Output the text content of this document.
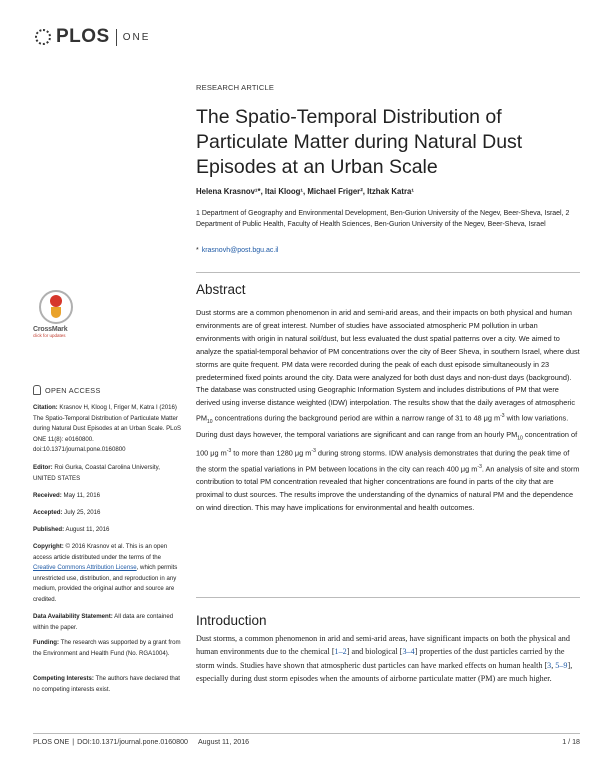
PLOS ONE
RESEARCH ARTICLE
The Spatio-Temporal Distribution of Particulate Matter during Natural Dust Episodes at an Urban Scale
Helena Krasnov¹*, Itai Kloog¹, Michael Friger², Itzhak Katra¹
1 Department of Geography and Environmental Development, Ben-Gurion University of the Negev, Beer-Sheva, Israel, 2 Department of Public Health, Faculty of Health Sciences, Ben-Gurion University of the Negev, Beer-Sheva, Israel
* krasnovh@post.bgu.ac.il
Abstract
Dust storms are a common phenomenon in arid and semi-arid areas, and their impacts on both physical and human environments are of great interest. Number of studies have associated atmospheric PM pollution in urban environments with origin in natural soil/dust, but less evaluated the dust spatial patterns over a city. We aimed to analyze the spatial-temporal behavior of PM concentrations over the city of Beer Sheva, in southern Israel, where dust storms are quite frequent. PM data were recorded during the peak of each dust episode simultaneously in 23 predetermined fixed points around the city. Data were analyzed for both dust days and non-dust days (background). The database was constructed using Geographic Information System and includes distributions of PM that were derived using inverse distance weighted (IDW) interpolation. The results show that the daily averages of atmospheric $PM_{10}$ concentrations during the background period are within a narrow range of 31 to 48 μg $m^{-3}$ with low variations. During dust days however, the temporal variations are significant and can range from an hourly $PM_{10}$ concentration of 100 μg $m^{-3}$ to more than 1280 μg $m^{-3}$ during strong storms. IDW analysis demonstrates that during the peak time of the storm the spatial variations in PM between locations in the city can reach 400 μg $m^{-3}$. An analysis of site and storm contribution to total PM concentration revealed that higher concentrations are found in parts of the city that are proximal to dust sources. The results improve the understanding of the dynamics of natural PM and the dependence on wind direction. This may have implications for environmental and health outcomes.
Introduction
Dust storms, a common phenomenon in arid and semi-arid areas, have significant impacts on both the physical and human environments due to the chemical [1–2] and biological [3–4] properties of the dust particles carried by the storm winds. Studies have shown that atmospheric dust particles can have marked effects on human health [3, 5–9], especially during dust storm episodes when the amounts of airborne particulate matter (PM) are much higher.
CrossMark
click for updates
OPEN ACCESS
Citation: Krasnov H, Kloog I, Friger M, Katra I (2016) The Spatio-Temporal Distribution of Particulate Matter during Natural Dust Episodes at an Urban Scale. PLoS ONE 11(8): e0160800. doi:10.1371/journal.pone.0160800
Editor: Roi Gurka, Coastal Carolina University, UNITED STATES
Received: May 11, 2016
Accepted: July 25, 2016
Published: August 11, 2016
Copyright: © 2016 Krasnov et al. This is an open access article distributed under the terms of the Creative Commons Attribution License, which permits unrestricted use, distribution, and reproduction in any medium, provided the original author and source are credited.
Data Availability Statement: All data are contained within the paper.
Funding: The research was supported by a grant from the Environment and Health Fund (No. RGA1004).
Competing Interests: The authors have declared that no competing interests exist.
PLOS ONE | DOI:10.1371/journal.pone.0160800 August 11, 2016	1 / 18
